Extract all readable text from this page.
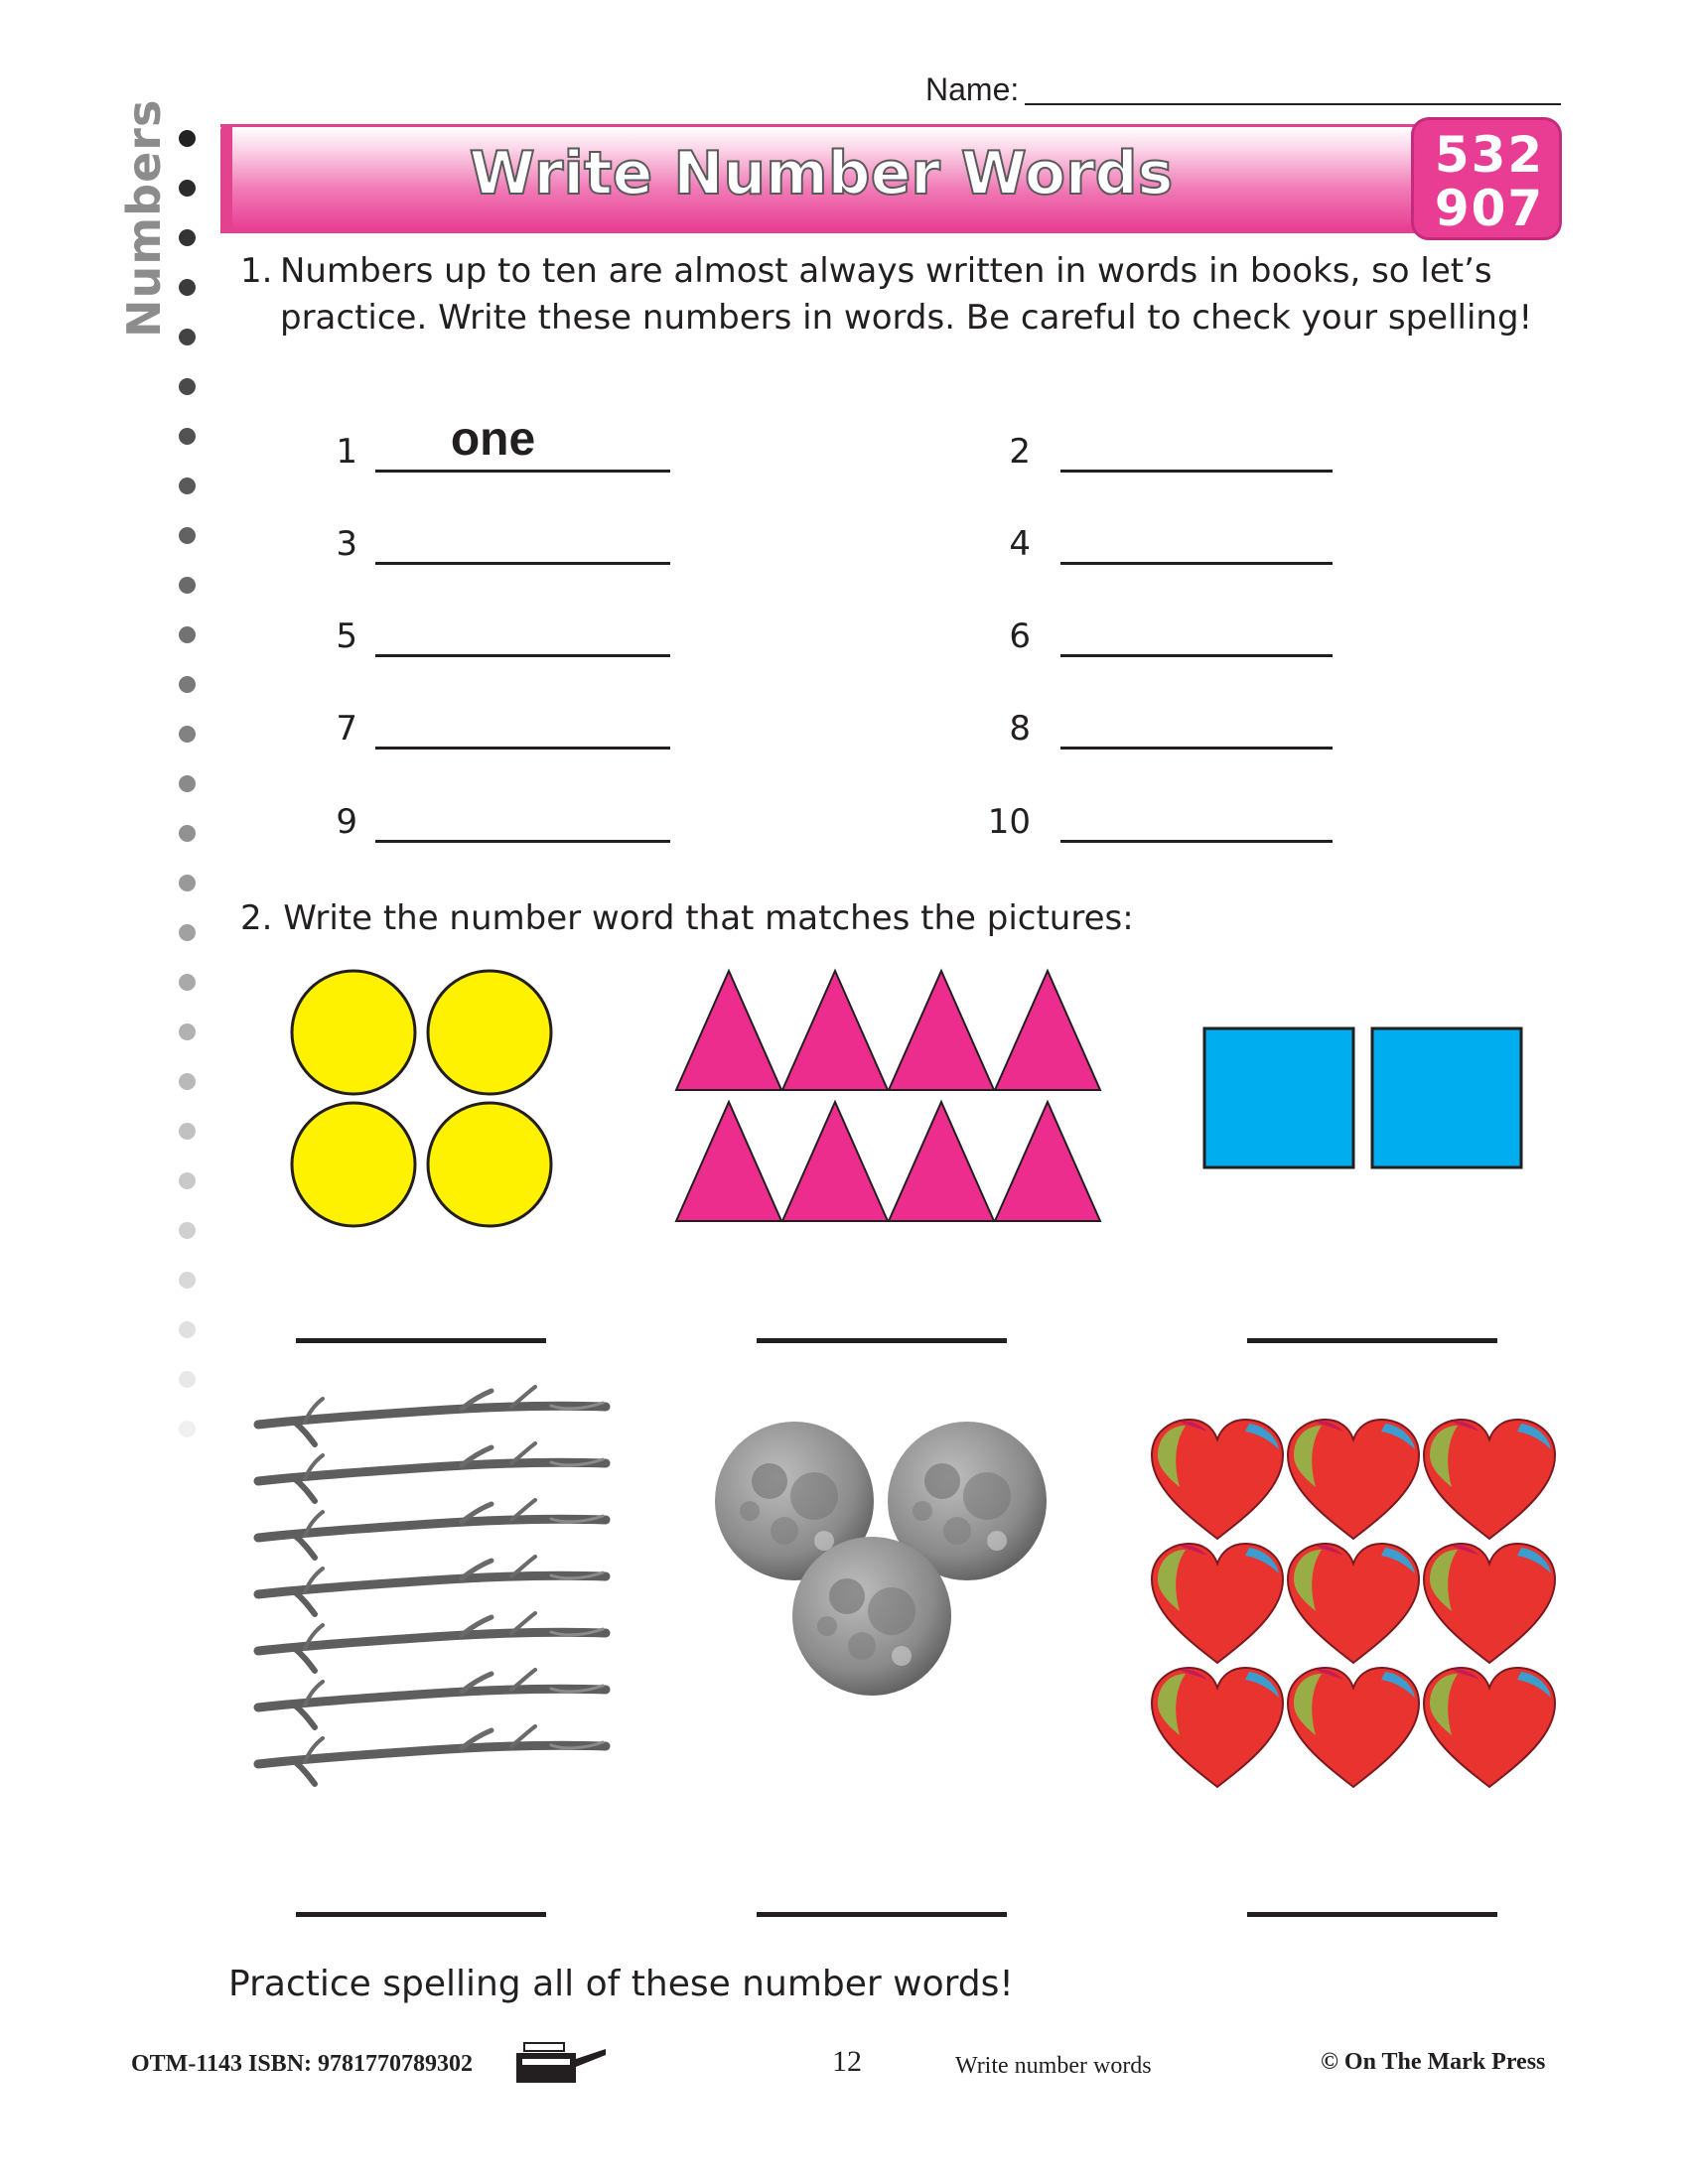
Numbers
Name:
Write Number Words	532
907
1. Numbers up to ten are almost always written in words in books, so let’s practice. Write these numbers in words. Be careful to check your spelling!
1	one	2
3	4
5	6
7	8
9	10
2. Write the number word that matches the pictures:
Practice spelling all of these number words!
OTM-1143 ISBN: 9781770789302	12	Write number words	© On The Mark Press
